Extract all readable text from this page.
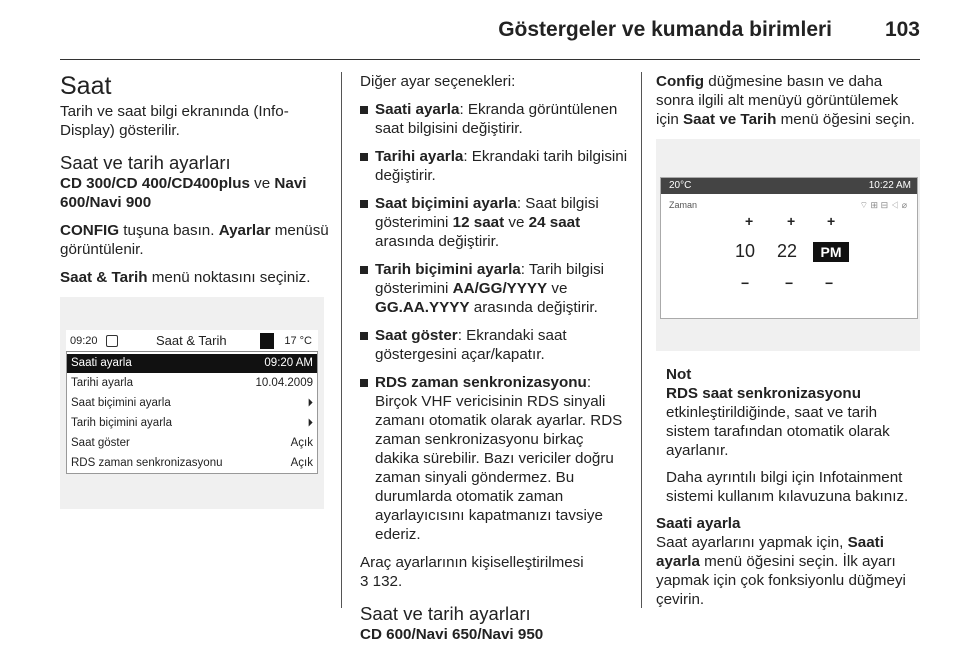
Göstergeler ve kumanda birimleri	103
Saat

Tarih ve saat bilgi ekranında (Info-Display) gösterilir.

Saat ve tarih ayarları

CD 300/CD 400/CD400plus ve Navi 600/Navi 900

CONFIG tuşuna basın. Ayarlar menüsü görüntülenir.

Saat & Tarih menü noktasını seçiniz.

09:20	Saat & Tarih	17 °C
Saati ayarla	09:20 AM
Tarihi ayarla	10.04.2009
Saat biçimini ayarla	⏵
Tarih biçimini ayarla	⏵
Saat göster	Açık
RDS zaman senkronizasyonu	Açık

Diğer ayar seçenekleri:

Saati ayarla: Ekranda görüntülenen saat bilgisini değiştirir.
Tarihi ayarla: Ekrandaki tarih bilgisini değiştirir.
Saat biçimini ayarla: Saat bilgisi gösterimini 12 saat ve 24 saat arasında değiştirir.
Tarih biçimini ayarla: Tarih bilgisi gösterimini AA/GG/YYYY ve GG.AA.YYYY arasında değiştirir.
Saat göster: Ekrandaki saat göstergesini açar/kapatır.
RDS zaman senkronizasyonu: Birçok VHF vericisinin RDS sinyali zamanı otomatik olarak ayarlar. RDS zaman senkronizasyonu birkaç dakika sürebilir. Bazı vericiler doğru zaman sinyali göndermez. Bu durumlarda otomatik zaman ayarlayıcısını kapatmanızı tavsiye ederiz.

Araç ayarlarının kişiselleştirilmesi
3 132.

Saat ve tarih ayarları

CD 600/Navi 650/Navi 950

Config düğmesine basın ve daha sonra ilgili alt menüyü görüntülemek için Saat ve Tarih menü öğesini seçin.

20°C	10:22 AM
Zaman	⌔ ⊞ ⊟ ◁ ⌀
+ + +
10 22	PM
−	− −

Not

RDS saat senkronizasyonu etkinleştirildiğinde, saat ve tarih sistem tarafından otomatik olarak ayarlanır.

Daha ayrıntılı bilgi için Infotainment sistemi kullanım kılavuzuna bakınız.

Saati ayarla

Saat ayarlarını yapmak için, Saati ayarla menü öğesini seçin. İlk ayarı yapmak için çok fonksiyonlu düğmeyi çevirin.
